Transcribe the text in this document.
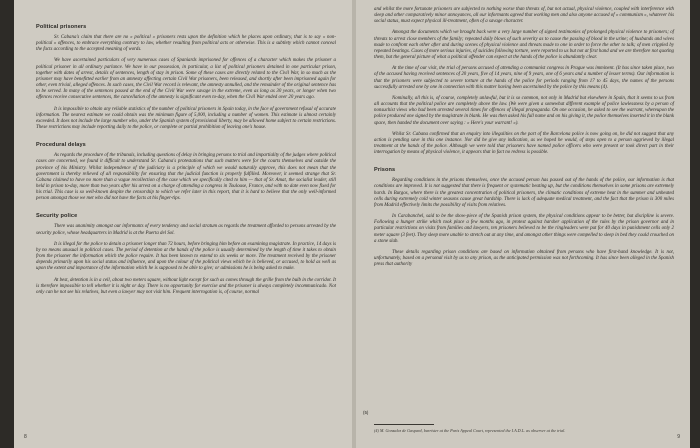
Political prisoners

Sr. Cabana's claim that there are no « political » prisoners rests upon the definition which he places upon ordinary, that is to say « non- political » offences, to embrace everything contrary to law, whether resulting from political acts or otherwise. This is a subtlety which cannot conceal the facts according to the accepted meaning of words.

We have ascertained particulars of very numerous cases of Spaniards imprisoned for offences of a character which makes the prisoner a political prisoner in all ordinary parlance. We have in our possession, in particular, a list of political prisoners detained in one particular prison, together with dates of arrest, details of sentences, length of stay in prison. Some of these cases are directly related to the Civil War, in so much as the prisoner may have benefitted earlier from an amnesty affecting certain Civil War prisoners, been released, and shortly after been imprisoned again for other, even trivial, alleged offences. In such cases, the Civil War record is relevant, the amnesty annulled, and the remainder of the original sentence has to be served. In many of the sentences passed at the end of the Civil War were savage in the extreme, even as long as 30 years, or longer when two offences receive consecutive sentences, the cancellation of the amnesty is significant even to-day, when the Civil War ended over 20 years ago.

It is impossible to obtain any reliable statistics of the number of political prisoners in Spain today, in the face of government refusal of accurate information. The nearest estimate we could obtain was the minimum figure of 5,000, including a number of women. This estimate is almost certainly exceeded. It does not include the large number who, under the Spanish system of provisional liberty, may be allowed home subject to certain restrictions. These restrictions may include reporting daily to the police, or complete or partial prohibition of leaving one's house.

Procedural delays

As regards the procedure of the tribunals, including questions of delay in bringing persons to trial and impartiality of the judges where political cases are concerned, we found it difficult to understand Sr. Cabana's protestations that such matters were for the courts themselves and outside the province of his Ministry. Whilst independence of the judiciary is a principle of which we would naturally approve, this does not mean that the government is thereby relieved of all responsibility for ensuring that the judicial function is properly fulfilled. Moreover, it seemed strange that Sr. Cabana claimed to have no more than a vague recollection of the case which we specifically cited to him — that of Sr. Amat, the socialist leader, still held in prison to-day, more than two years after his arrest on a charge of attending a congress in Toulouse, France, and with no date even now fixed for his trial. This case is so well-known despite the censorship to which we refer later in this report, that it is hard to believe that the only well-informed person amongst those we met who did not have the facts at his finger-tips.

Security police

There was unanimity amongst our informants of every tendency and social stratum as regards the treatment afforded to persons arrested by the security police, whose headquarters in Madrid is at the Puerta del Sol.

It is illegal for the police to detain a prisoner longer than 72 hours, before bringing him before an examining magistrate. In practice, 14 days is by no means unusual in political cases. The period of detention at the hands of the police is usually determined by the length of time it takes to obtain from the prisoner the information which the police require. It has been known to extend to six weeks or more. The treatment received by the prisoner depends primarily upon his social status and influence, and upon the colour of the political views which he is believed, or accused, to hold as well as upon the extent and importance of the information which he is supposed to be able to give; or admissions he is being asked to make.

At best, detention is in a cell, about two meters square, without light except for such as comes through the grille from the bulb in the corridor. It is therefore impossible to tell whether it is night or day. There is no opportunity for exercise and the prisoner is always completely incommunicado. Not only can he not see his relatives, but even a lawyer may not visit him. Frequent interrogation is, of course, normal

8

and whilst the more fortunate prisoners are subjected to nothing worse than threats of, but not actual, physical violence, coupled with interference with sleep and other comparatively minor annoyances, all our informants agreed that working men and also anyone accused of « communism », whatever his social status, must expect physical ill-treatment, often of a savage character.

Amongst the documents which we brought back were a very large number of signed testimonies of prolonged physical violence to prisoners; of threats to arrest close members of the family; repeated daily blows of such severity as to cause the passing of blood in the urine; of husbands and wives made to confront each other after and during scenes of physical violence and threats made to one in order to force the other to talk; of men crippled by repeated beatings. Cases of more serious injuries, of suicides following torture, were reported to us but not at first hand and we are therefore not quoting them, but the general picture of what a political offender can expect at the hands of the police is abundantly clear.

At the time of our visit, the trial of persons accused of attending a communist congress in Prague was imminent. (It has since taken place, two of the accused having received sentences of 20 years, five of 14 years, nine of 9 years, one of 6 years and a number of lesser terms). Our information is that the prisoners were subjected to severe torture at the hands of the police for periods ranging from 17 to 45 days, the names of the persons successfully arrested one by one in connection with this matter having been ascertained by the police by this means (4).

Nominally, all this is, of course, completely unlawful, but it is so common, not only in Madrid but elsewhere in Spain, that it seems to us from all accounts that the political police are completely above the law. (We were given a somewhat different example of police lawlessness by a person of nonsuchist views who had been arrested several times for offences of illegal propaganda. On one occasion, he asked to see the warrant, whereupon the police produced one signed by the magistrate in blank. He was then asked his full name and on his giving it, the police themselves inserted it in the blank space, then handed the document over saying : « Here's your warrant! »).

Whilst Sr. Cabana confirmed that an enquiry into illegalities on the part of the Barcelona police is now going on, he did not suggest that any action is pending save in this one instance. Nor did he give any indication, as we hoped he would, of steps open to a person aggrieved by illegal treatment at the hands of the police. Although we were told that prisoners have named police officers who were present or took direct part in their interrogation by means of physical violence, it appears that in fact no redress is possible.

Prisons

Regarding conditions in the prisons themselves, once the accused person has passed out of the hands of the police, our information is that conditions are improved. It is not suggested that there is frequent or systematic beating up, but the conditions themselves in some prisons are extremely harsh. In Burgos, where there is the greatest concentration of political prisoners, the climatic conditions of extreme heat in the summer and unheated cells during extremely cold winter seasons cause great hardship. There is lack of adequate medical treatment, and the fact that the prison is 300 miles from Madrid effectively limits the possibility of visits from relatives.

In Carabanchel, said to be the show-piece of the Spanish prison system, the physical conditions appear to be better, but discipline is severe. Following a hunger strike which took place a few months ago, in protest against harsher application of the rules by the prison governor and in particular restrictions on visits from families and lawyers, ten prisoners believed to be the ringleaders were put for 40 days in punishment cells only 2 meter square (3 feet). They sleep more unable to stretch out at any time, and amongst other things were compelled to sleep in bed they could crouched on a stone slab.

These details regarding prison conditions are based on information obtained from persons who have first-hand knowledge. It is not, unfortunately, based on a personal visit by us to any prison, as the anticipated permission was not forthcoming. It has since been alleged in the Spanish press that authority

(5)
(4) M. Gonzalez de Gaspard, barrister at the Paris Appeal Court, represented the I.A.D.L. as observer at the trial.
9
